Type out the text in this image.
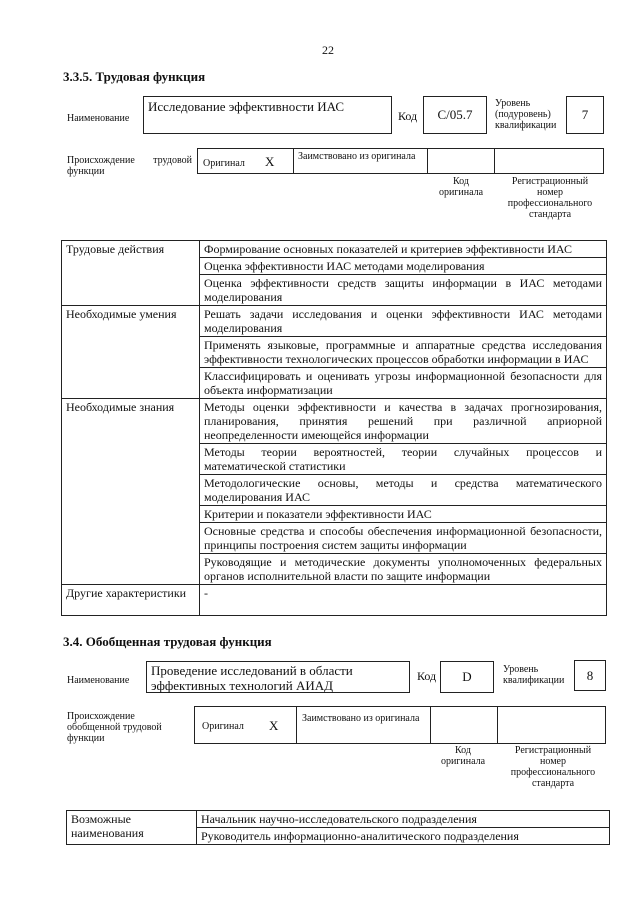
22
3.3.5. Трудовая функция
Наименование
Исследование эффективности ИАС
Код	C/05.7
Уровень (подуровень) квалификации
7
Происхождение трудовой функции
Оригинал X Заимствовано из оригинала
Код оригинала
Регистрационный номер профессионального стандарта
Трудовые действия	Формирование основных показателей и критериев эффективности ИАС
	Оценка эффективности ИАС методами моделирования
	Оценка эффективности средств защиты информации в ИАС методами моделирования
Необходимые умения	Решать задачи исследования и оценки эффективности ИАС методами моделирования
	Применять языковые, программные и аппаратные средства исследования эффективности технологических процессов обработки информации в ИАС
	Классифицировать и оценивать угрозы информационной безопасности для объекта информатизации
Необходимые знания	Методы оценки эффективности и качества в задачах прогнозирования, планирования, принятия решений при различной априорной неопределенности имеющейся информации
	Методы теории вероятностей, теории случайных процессов и математической статистики
	Методологические основы, методы и средства математического моделирования ИАС
	Критерии и показатели эффективности ИАС
	Основные средства и способы обеспечения информационной безопасности, принципы построения систем защиты информации
	Руководящие и методические документы уполномоченных федеральных органов исполнительной власти по защите информации
Другие характеристики	-
3.4. Обобщенная трудовая функция
Наименование
Проведение исследований в области эффективных технологий АИАД
Код	D	Уровень квалификации	8
Происхождение обобщенной трудовой функции
Оригинал X Заимствовано из оригинала
Код оригинала
Регистрационный номер профессионального стандарта
Возможные наименования	Начальник научно-исследовательского подразделения
Руководитель информационно-аналитического подразделения
